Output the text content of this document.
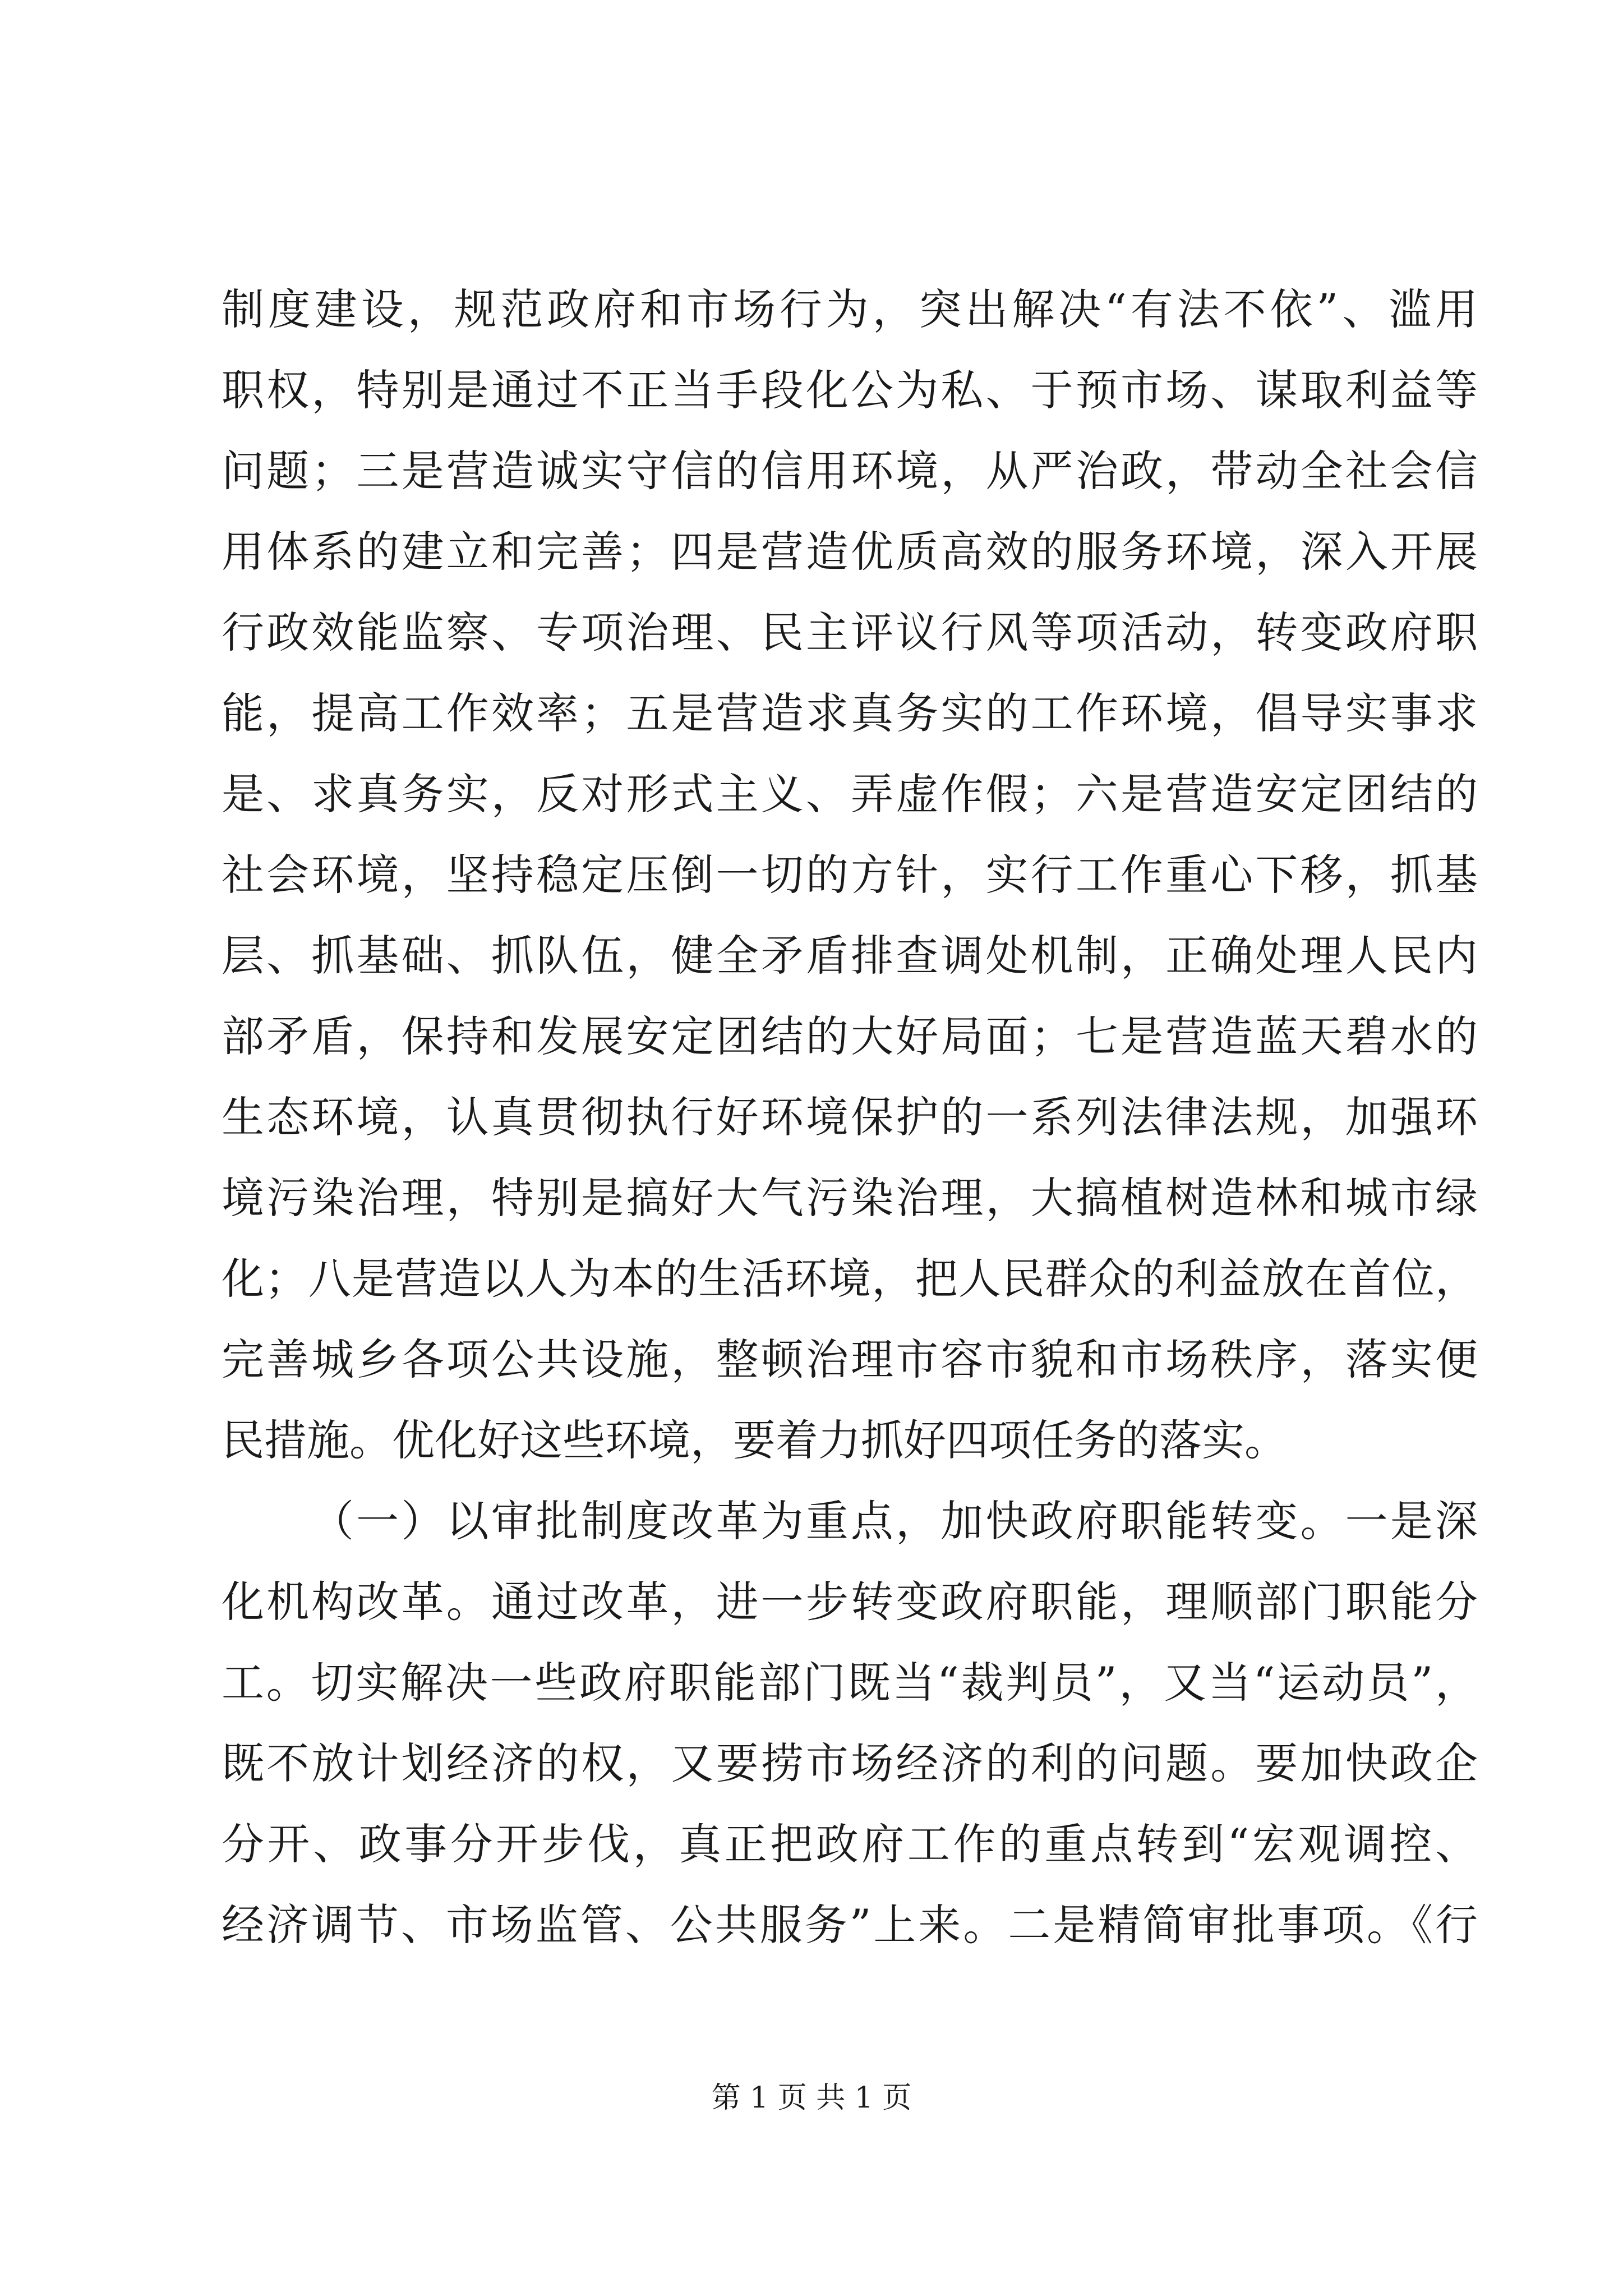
制度建设，规范政府和市场行为，突出解决“有法不依”、滥用
职权，特别是通过不正当手段化公为私、于预市场、谋取利益等
问题；三是营造诚实守信的信用环境，从严治政，带动全社会信
用体系的建立和完善；四是营造优质高效的服务环境，深入开展
行政效能监察、专项治理、民主评议行风等项活动，转变政府职
能，提高工作效率；五是营造求真务实的工作环境，倡导实事求
是、求真务实，反对形式主义、弄虚作假；六是营造安定团结的
社会环境，坚持稳定压倒一切的方针，实行工作重心下移，抓基
层、抓基础、抓队伍，健全矛盾排查调处机制，正确处理人民内
部矛盾，保持和发展安定团结的大好局面；七是营造蓝天碧水的
生态环境，认真贯彻执行好环境保护的一系列法律法规，加强环
境污染治理，特别是搞好大气污染治理，大搞植树造林和城市绿
化；八是营造以人为本的生活环境，把人民群众的利益放在首位，
完善城乡各项公共设施，整顿治理市容市貌和市场秩序，落实便
民措施。优化好这些环境，要着力抓好四项任务的落实。
（一）以审批制度改革为重点，加快政府职能转变。一是深
化机构改革。通过改革，进一步转变政府职能，理顺部门职能分
工。切实解决一些政府职能部门既当“裁判员”，又当“运动员”，
既不放计划经济的权，又要捞市场经济的利的问题。要加快政企
分开、政事分开步伐，真正把政府工作的重点转到“宏观调控、
经济调节、市场监管、公共服务”上来。二是精简审批事项。《行
第 1 页 共 1 页
